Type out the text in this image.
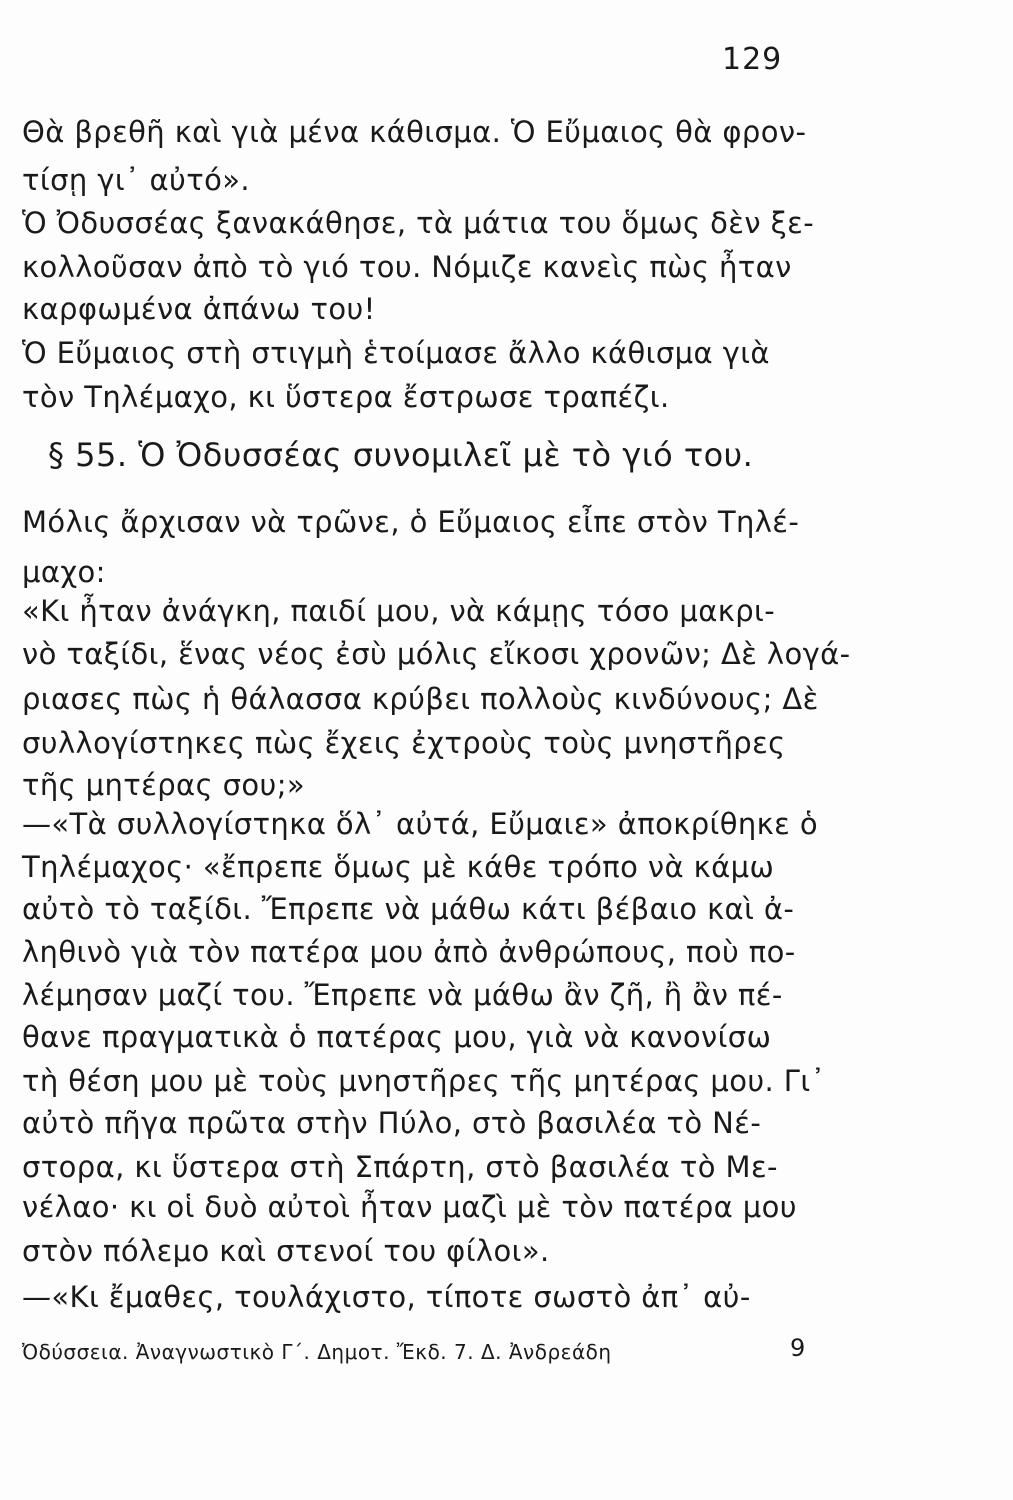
129
Θὰ βρεθῆ καὶ γιὰ μένα κάθισμα. Ὁ Εὔμαιος θὰ φρον-
τίσῃ γι᾽ αὐτό».
Ὁ Ὀδυσσέας ξανακάθησε, τὰ μάτια του ὅμως δὲν ξε-
κολλοῦσαν ἀπὸ τὸ γιό του. Νόμιζε κανεὶς πὼς ἦταν
καρφωμένα ἀπάνω του!
Ὁ Εὔμαιος στὴ στιγμὴ ἑτοίμασε ἄλλο κάθισμα γιὰ
τὸν Τηλέμαχο, κι ὕστερα ἔστρωσε τραπέζι.
§ 55. Ὁ Ὀδυσσέας συνομιλεῖ μὲ τὸ γιό του.
Μόλις ἄρχισαν νὰ τρῶνε, ὁ Εὔμαιος εἶπε στὸν Τηλέ-
μαχο:
«Κι ἦταν ἀνάγκη, παιδί μου, νὰ κάμῃς τόσο μακρι-
νὸ ταξίδι, ἕνας νέος ἐσὺ μόλις εἴκοσι χρονῶν; Δὲ λογά-
ριασες πὼς ἡ θάλασσα κρύβει πολλοὺς κινδύνους; Δὲ
συλλογίστηκες πὼς ἔχεις ἐχτροὺς τοὺς μνηστῆρες
τῆς μητέρας σου;»
—«Τὰ συλλογίστηκα ὅλ᾽ αὐτά, Εὔμαιε» ἀποκρίθηκε ὁ
Τηλέμαχος· «ἔπρεπε ὅμως μὲ κάθε τρόπο νὰ κάμω
αὐτὸ τὸ ταξίδι. Ἔπρεπε νὰ μάθω κάτι βέβαιο καὶ ἀ-
ληθινὸ γιὰ τὸν πατέρα μου ἀπὸ ἀνθρώπους, ποὺ πο-
λέμησαν μαζί του. Ἔπρεπε νὰ μάθω ἂν ζῆ, ἢ ἂν πέ-
θανε πραγματικὰ ὁ πατέρας μου, γιὰ νὰ κανονίσω
τὴ θέση μου μὲ τοὺς μνηστῆρες τῆς μητέρας μου. Γι᾽
αὐτὸ πῆγα πρῶτα στὴν Πύλο, στὸ βασιλέα τὸ Νέ-
στορα, κι ὕστερα στὴ Σπάρτη, στὸ βασιλέα τὸ Με-
νέλαο· κι οἱ δυὸ αὐτοὶ ἦταν μαζὶ μὲ τὸν πατέρα μου
στὸν πόλεμο καὶ στενοί του φίλοι».
—«Κι ἔμαθες, τουλάχιστο, τίποτε σωστὸ ἀπ᾽ αὐ-
Ὀδύσσεια. Ἀναγνωστικὸ Γ΄. Δημοτ. Ἔκδ. 7. Δ. Ἀνδρεάδη	9
